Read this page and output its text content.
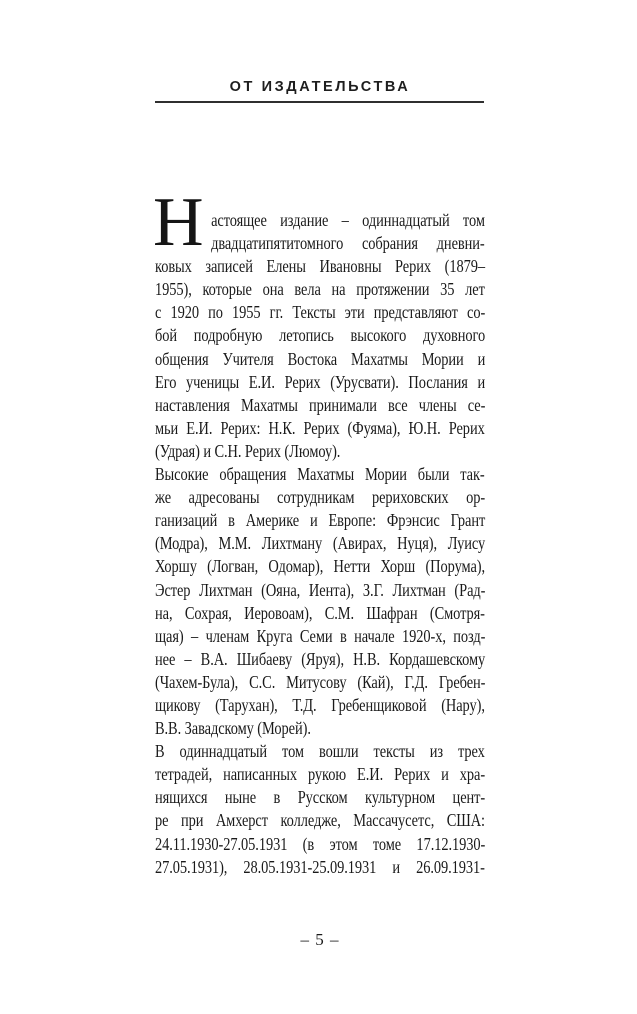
ОТ ИЗДАТЕЛЬСТВА
Н астоящее издание – одиннадцатый том
двадцатипятитомного собрания дневни-
ковых записей Елены Ивановны Рерих (1879–
1955), которые она вела на протяжении 35 лет
с 1920 по 1955 гг. Тексты эти представляют со-
бой подробную летопись высокого духовного
общения Учителя Востока Махатмы Мории и
Его ученицы Е.И. Рерих (Урусвати). Послания и
наставления Махатмы принимали все члены се-
мьи Е.И. Рерих: Н.К. Рерих (Фуяма), Ю.Н. Рерих
(Удрая) и С.Н. Рерих (Люмоу).
Высокие обращения Махатмы Мории были так-
же адресованы сотрудникам рериховских ор-
ганизаций в Америке и Европе: Фрэнсис Грант
(Модра), М.М. Лихтману (Авирах, Нуця), Луису
Хоршу (Логван, Одомар), Нетти Хорш (Порума),
Эстер Лихтман (Ояна, Иента), З.Г. Лихтман (Рад-
на, Сохрая, Иеровоам), С.М. Шафран (Смотря-
щая) – членам Круга Семи в начале 1920-х, позд-
нее – В.А. Шибаеву (Яруя), Н.В. Кордашевскому
(Чахем-Була), С.С. Митусову (Кай), Г.Д. Гребен-
щикову (Тарухан), Т.Д. Гребенщиковой (Нару),
В.В. Завадскому (Морей).
В одиннадцатый том вошли тексты из трех
тетрадей, написанных рукою Е.И. Рерих и хра-
нящихся ныне в Русском культурном цент-
ре при Амхерст колледже, Массачусетс, США:
24.11.1930-27.05.1931 (в этом томе 17.12.1930-
27.05.1931), 28.05.1931-25.09.1931 и 26.09.1931-
– 5 –
